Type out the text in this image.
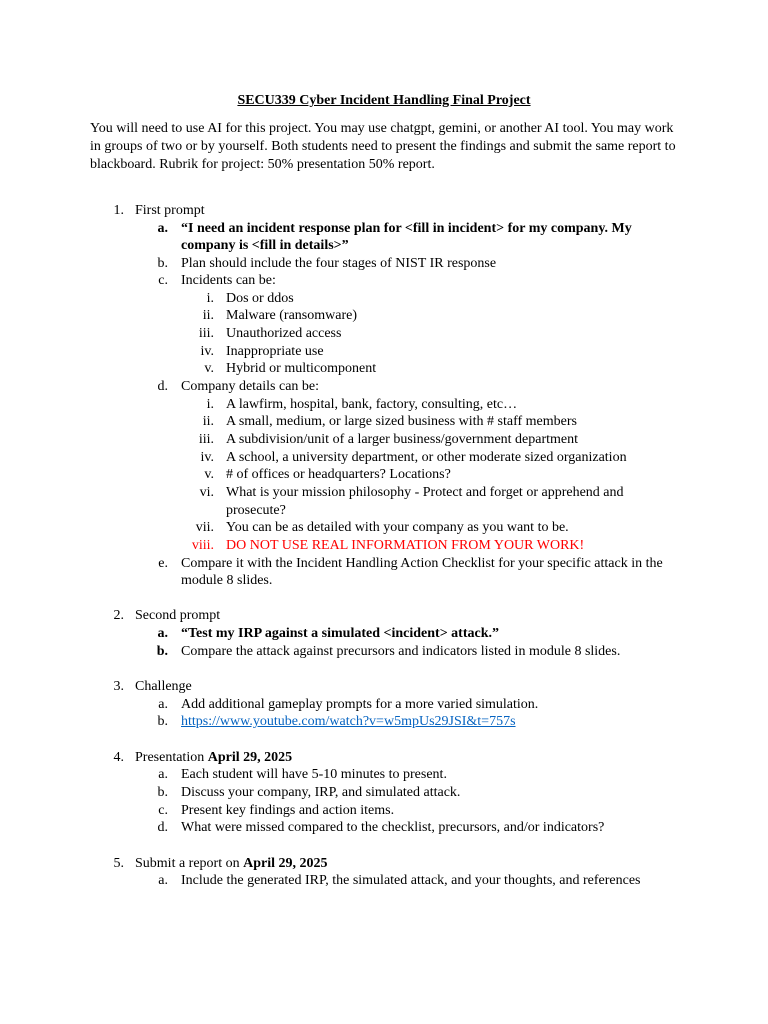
SECU339 Cyber Incident Handling Final Project
You will need to use AI for this project. You may use chatgpt, gemini, or another AI tool. You may work in groups of two or by yourself. Both students need to present the findings and submit the same report to blackboard. Rubrik for project: 50% presentation 50% report.
1. First prompt
a. “I need an incident response plan for <fill in incident> for my company. My
company is <fill in details>”
b. Plan should include the four stages of NIST IR response
c. Incidents can be:
i. Dos or ddos
ii. Malware (ransomware)
iii. Unauthorized access
iv. Inappropriate use
v. Hybrid or multicomponent
d. Company details can be:
i. A lawfirm, hospital, bank, factory, consulting, etc…
ii. A small, medium, or large sized business with # staff members
iii. A subdivision/unit of a larger business/government department
iv. A school, a university department, or other moderate sized organization
v. # of offices or headquarters? Locations?
vi. What is your mission philosophy - Protect and forget or apprehend and
prosecute?
vii. You can be as detailed with your company as you want to be.
viii. DO NOT USE REAL INFORMATION FROM YOUR WORK!
e. Compare it with the Incident Handling Action Checklist for your specific attack in the
module 8 slides.
2. Second prompt
a. “Test my IRP against a simulated <incident> attack.”
b. Compare the attack against precursors and indicators listed in module 8 slides.
3. Challenge
a. Add additional gameplay prompts for a more varied simulation.
b. https://www.youtube.com/watch?v=w5mpUs29JSI&t=757s
4. Presentation April 29, 2025
a. Each student will have 5-10 minutes to present.
b. Discuss your company, IRP, and simulated attack.
c. Present key findings and action items.
d. What were missed compared to the checklist, precursors, and/or indicators?
5. Submit a report on April 29, 2025
a. Include the generated IRP, the simulated attack, and your thoughts, and references
